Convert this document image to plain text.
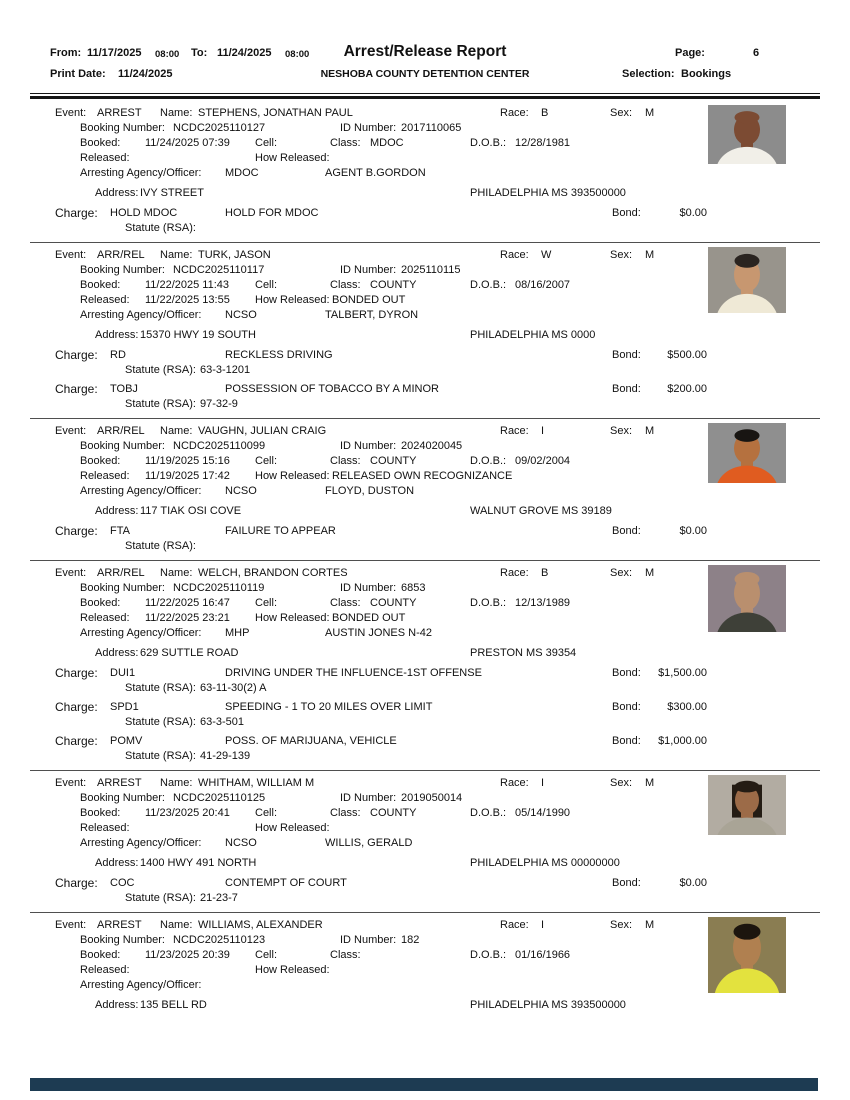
From: 11/17/2025 08:00 To: 11/24/2025 08:00	Arrest/Release Report	Page:	6
Print Date: 11/24/2025	NESHOBA COUNTY DETENTION CENTER	Selection: Bookings
Event: ARREST Name: STEPHENS, JONATHAN PAUL	Race: B	Sex: M
Booking Number: NCDC2025110127	ID Number: 2017110065
Booked: 11/24/2025 07:39 Cell:	Class: MDOC	D.O.B.: 12/28/1981
Released:	How Released:
Arresting Agency/Officer: MDOC	AGENT B.GORDON
Address: IVY STREET	PHILADELPHIA MS 393500000
Charge: HOLD MDOC	HOLD FOR MDOC	Bond:	$0.00
Statute (RSA):
Event: ARR/REL Name: TURK, JASON	Race: W	Sex: M
Booking Number: NCDC2025110117	ID Number: 2025110115
Booked: 11/22/2025 11:43 Cell:	Class: COUNTY	D.O.B.: 08/16/2007
Released: 11/22/2025 13:55 How Released: BONDED OUT
Arresting Agency/Officer: NCSO	TALBERT, DYRON
Address: 15370 HWY 19 SOUTH	PHILADELPHIA MS 0000
Charge: RD	RECKLESS DRIVING	Bond:	$500.00
Statute (RSA): 63-3-1201
Charge: TOBJ	POSSESSION OF TOBACCO BY A MINOR	Bond:	$200.00
Statute (RSA): 97-32-9
Event: ARR/REL Name: VAUGHN, JULIAN CRAIG	Race: I	Sex: M
Booking Number: NCDC2025110099	ID Number: 2024020045
Booked: 11/19/2025 15:16 Cell:	Class: COUNTY	D.O.B.: 09/02/2004
Released: 11/19/2025 17:42 How Released: RELEASED OWN RECOGNIZANCE
Arresting Agency/Officer: NCSO	FLOYD, DUSTON
Address: 117 TIAK OSI COVE	WALNUT GROVE MS 39189
Charge: FTA	FAILURE TO APPEAR	Bond:	$0.00
Statute (RSA):
Event: ARR/REL Name: WELCH, BRANDON CORTES	Race: B	Sex: M
Booking Number: NCDC2025110119	ID Number: 6853
Booked: 11/22/2025 16:47 Cell:	Class: COUNTY	D.O.B.: 12/13/1989
Released: 11/22/2025 23:21 How Released: BONDED OUT
Arresting Agency/Officer: MHP	AUSTIN JONES N-42
Address: 629 SUTTLE ROAD	PRESTON MS 39354
Charge: DUI1	DRIVING UNDER THE INFLUENCE-1ST OFFENSE	Bond:	$1,500.00
Statute (RSA): 63-11-30(2) A
Charge: SPD1	SPEEDING - 1 TO 20 MILES OVER LIMIT	Bond:	$300.00
Statute (RSA): 63-3-501
Charge: POMV	POSS. OF MARIJUANA, VEHICLE	Bond:	$1,000.00
Statute (RSA): 41-29-139
Event: ARREST Name: WHITHAM, WILLIAM M	Race: I	Sex: M
Booking Number: NCDC2025110125	ID Number: 2019050014
Booked: 11/23/2025 20:41 Cell:	Class: COUNTY	D.O.B.: 05/14/1990
Released:	How Released:
Arresting Agency/Officer: NCSO	WILLIS, GERALD
Address: 1400 HWY 491 NORTH	PHILADELPHIA MS 00000000
Charge: COC	CONTEMPT OF COURT	Bond:	$0.00
Statute (RSA): 21-23-7
Event: ARREST Name: WILLIAMS, ALEXANDER	Race: I	Sex: M
Booking Number: NCDC2025110123	ID Number: 182
Booked: 11/23/2025 20:39 Cell:	Class:	D.O.B.: 01/16/1966
Released:	How Released:
Arresting Agency/Officer:
Address: 135 BELL RD	PHILADELPHIA MS 393500000
